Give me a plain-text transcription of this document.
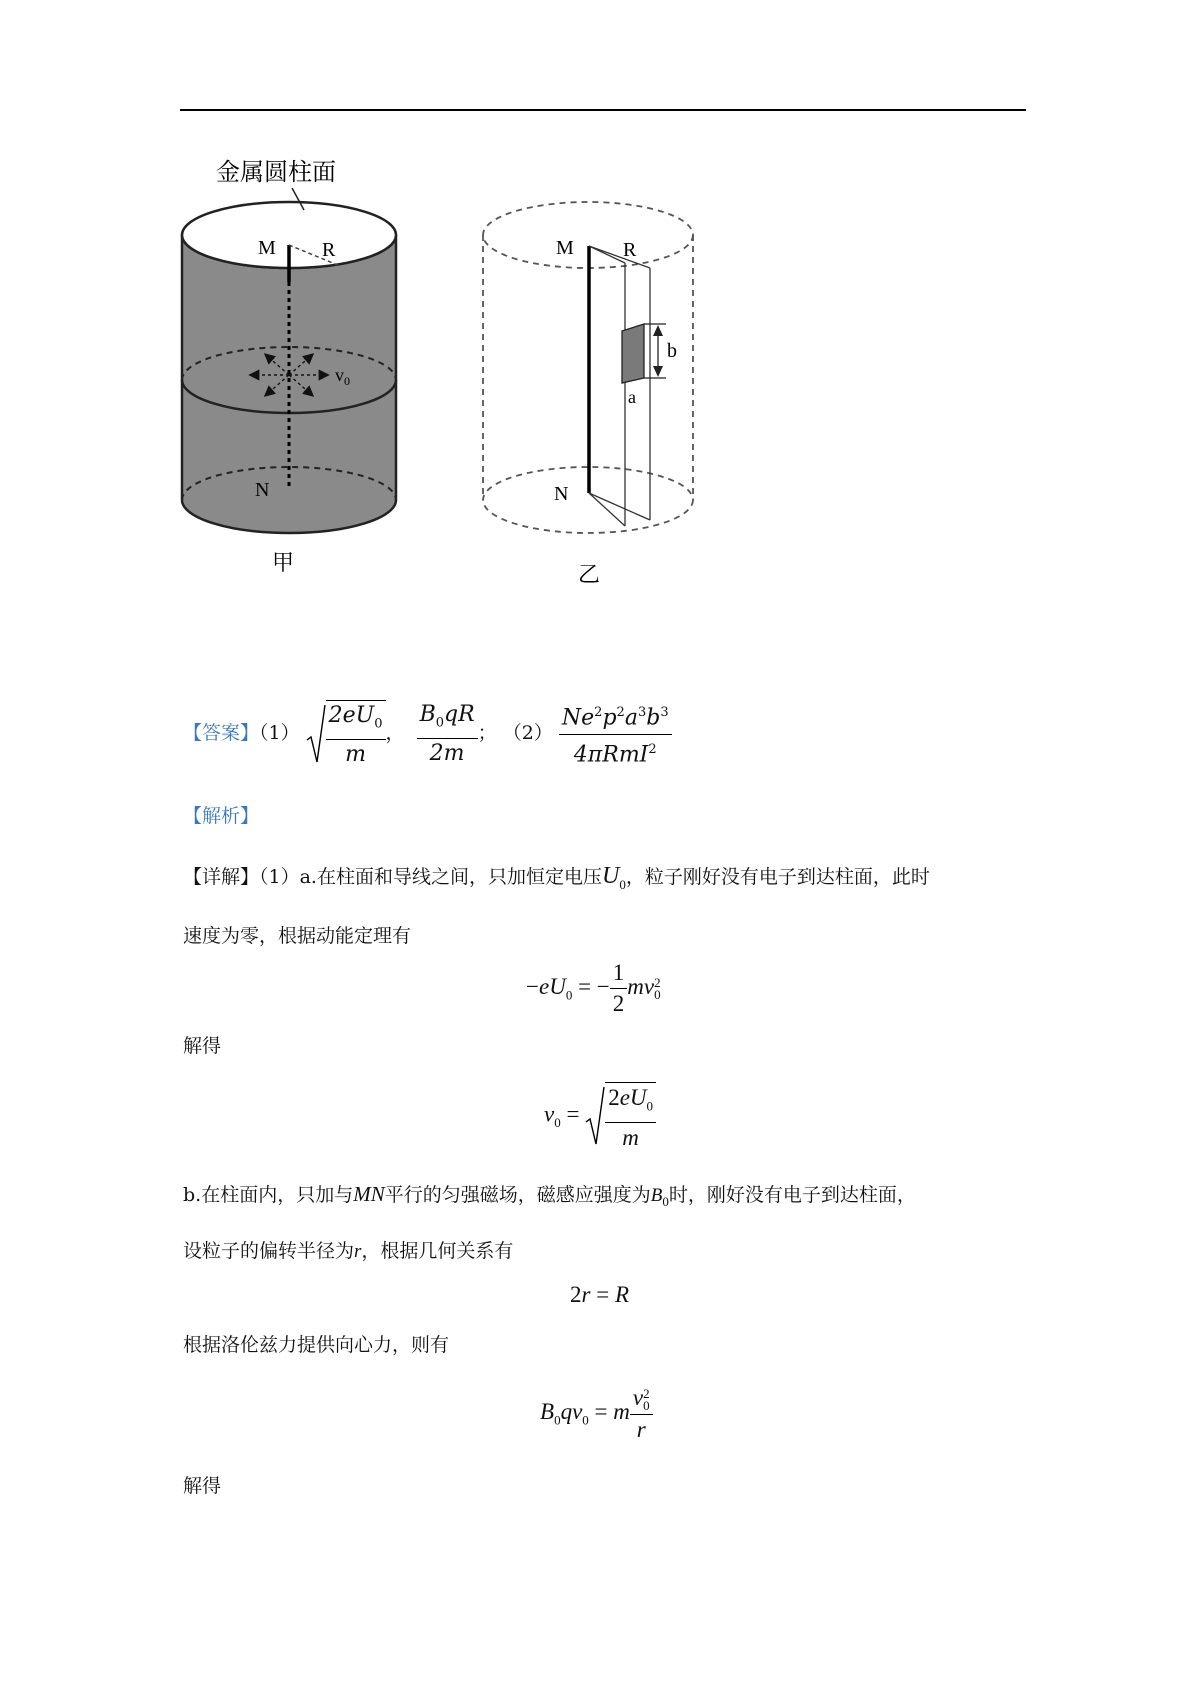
M R
$v_0$
N
金属圆柱面
甲
b
a
M R
N
乙
【答案】$(1) \frac{2eU_0}{m}$ ， $\frac{B_0qR}{2m}$ ； $(2) \frac{Ne^2p^2a^3b^3}{4\pi RmI^2}$
【解析】
【详解】（1）a.在柱面和导线之间，只加恒定电压$U_0$，粒子刚好没有电子到达柱面，此时
速度为零，根据动能定理有
$-eU_0$ = − $\frac{1}{2}$ mv 2
0
解得
$v_0 = \frac{2eU_0}{m}$
b.在柱面内，只加与MN平行的匀强磁场，磁感应强度为$B_0$时，刚好没有电子到达柱面，
设粒子的偏转半径为r，根据几何关系有
2r = R
根据洛伦兹力提供向心力，则有
$B_0qv_0 = m$ v 2
0
r
解得
